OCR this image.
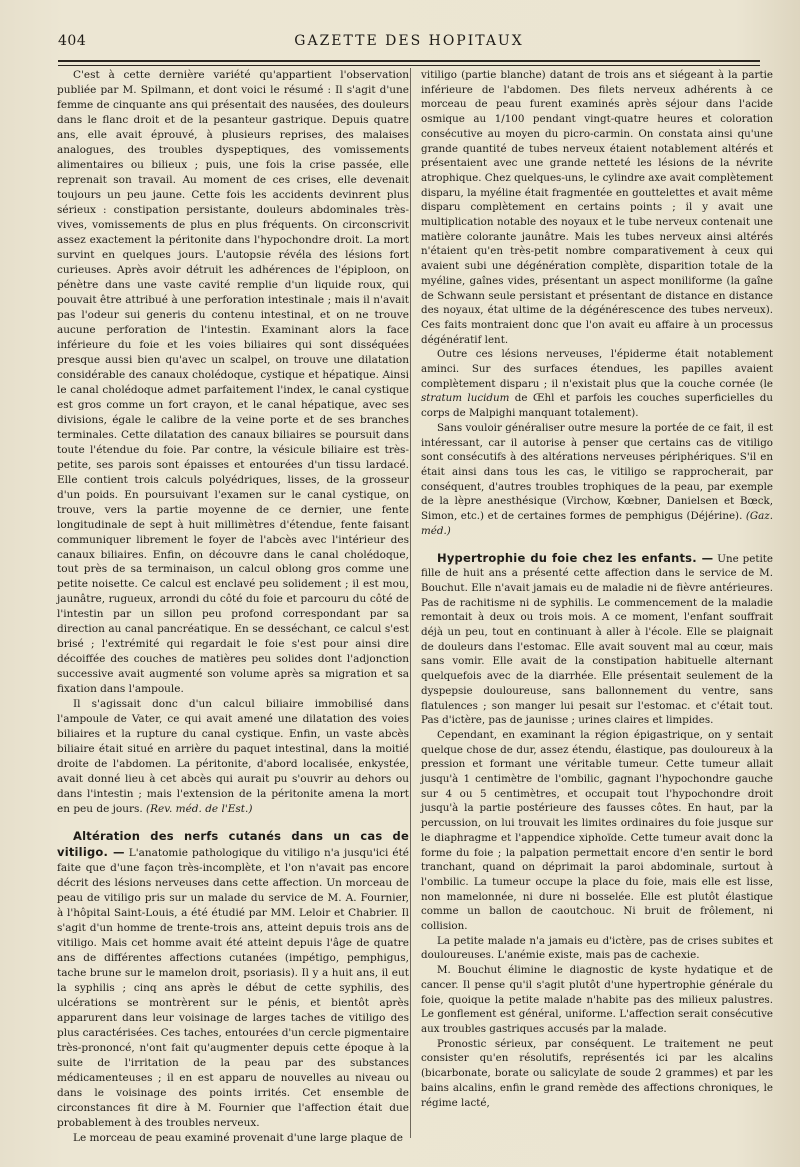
404	GAZETTE DES HOPITAUX

C'est à cette dernière variété qu'appartient l'observation publiée par M. Spilmann, et dont voici le résumé : Il s'agit d'une femme de cinquante ans qui présentait des nausées, des douleurs dans le flanc droit et de la pesanteur gastrique. Depuis quatre ans, elle avait éprouvé, à plusieurs reprises, des malaises analogues, des troubles dyspeptiques, des vomissements alimentaires ou bilieux ; puis, une fois la crise passée, elle reprenait son travail. Au moment de ces crises, elle devenait toujours un peu jaune. Cette fois les accidents devinrent plus sérieux : constipation persistante, douleurs abdominales très-vives, vomissements de plus en plus fréquents. On circonscrivit assez exactement la péritonite dans l'hypochondre droit. La mort survint en quelques jours. L'autopsie révéla des lésions fort curieuses. Après avoir détruit les adhérences de l'épiploon, on pénètre dans une vaste cavité remplie d'un liquide roux, qui pouvait être attribué à une perforation intestinale ; mais il n'avait pas l'odeur sui generis du contenu intestinal, et on ne trouve aucune perforation de l'intestin. Examinant alors la face inférieure du foie et les voies biliaires qui sont disséquées presque aussi bien qu'avec un scalpel, on trouve une dilatation considérable des canaux cholédoque, cystique et hépatique. Ainsi le canal cholédoque admet parfaitement l'index, le canal cystique est gros comme un fort crayon, et le canal hépatique, avec ses divisions, égale le calibre de la veine porte et de ses branches terminales. Cette dilatation des canaux biliaires se poursuit dans toute l'étendue du foie. Par contre, la vésicule biliaire est très-petite, ses parois sont épaisses et entourées d'un tissu lardacé. Elle contient trois calculs polyédriques, lisses, de la grosseur d'un poids. En poursuivant l'examen sur le canal cystique, on trouve, vers la partie moyenne de ce dernier, une fente longitudinale de sept à huit millimètres d'étendue, fente faisant communiquer librement le foyer de l'abcès avec l'intérieur des canaux biliaires. Enfin, on découvre dans le canal cholédoque, tout près de sa terminaison, un calcul oblong gros comme une petite noisette. Ce calcul est enclavé peu solidement ; il est mou, jaunâtre, rugueux, arrondi du côté du foie et parcouru du côté de l'intestin par un sillon peu profond correspondant par sa direction au canal pancréatique. En se desséchant, ce calcul s'est brisé ; l'extrémité qui regardait le foie s'est pour ainsi dire décoiffée des couches de matières peu solides dont l'adjonction successive avait augmenté son volume après sa migration et sa fixation dans l'ampoule.

Il s'agissait donc d'un calcul biliaire immobilisé dans l'ampoule de Vater, ce qui avait amené une dilatation des voies biliaires et la rupture du canal cystique. Enfin, un vaste abcès biliaire était situé en arrière du paquet intestinal, dans la moitié droite de l'abdomen. La péritonite, d'abord localisée, enkystée, avait donné lieu à cet abcès qui aurait pu s'ouvrir au dehors ou dans l'intestin ; mais l'extension de la péritonite amena la mort en peu de jours. (Rev. méd. de l'Est.)

Altération des nerfs cutanés dans un cas de vitiligo. — L'anatomie pathologique du vitiligo n'a jusqu'ici été faite que d'une façon très-incomplète, et l'on n'avait pas encore décrit des lésions nerveuses dans cette affection. Un morceau de peau de vitiligo pris sur un malade du service de M. A. Fournier, à l'hôpital Saint-Louis, a été étudié par MM. Leloir et Chabrier. Il s'agit d'un homme de trente-trois ans, atteint depuis trois ans de vitiligo. Mais cet homme avait été atteint depuis l'âge de quatre ans de différentes affections cutanées (impétigo, pemphigus, tache brune sur le mamelon droit, psoriasis). Il y a huit ans, il eut la syphilis ; cinq ans après le début de cette syphilis, des ulcérations se montrèrent sur le pénis, et bientôt après apparurent dans leur voisinage de larges taches de vitiligo des plus caractérisées. Ces taches, entourées d'un cercle pigmentaire très-prononcé, n'ont fait qu'augmenter depuis cette époque à la suite de l'irritation de la peau par des substances médicamenteuses ; il en est apparu de nouvelles au niveau ou dans le voisinage des points irrités. Cet ensemble de circonstances fit dire à M. Fournier que l'affection était due probablement à des troubles nerveux.

Le morceau de peau examiné provenait d'une large plaque de

vitiligo (partie blanche) datant de trois ans et siégeant à la partie inférieure de l'abdomen. Des filets nerveux adhérents à ce morceau de peau furent examinés après séjour dans l'acide osmique au 1/100 pendant vingt-quatre heures et coloration consécutive au moyen du picro-carmin. On constata ainsi qu'une grande quantité de tubes nerveux étaient notablement altérés et présentaient avec une grande netteté les lésions de la névrite atrophique. Chez quelques-uns, le cylindre axe avait complètement disparu, la myéline était fragmentée en gouttelettes et avait même disparu complètement en certains points ; il y avait une multiplication notable des noyaux et le tube nerveux contenait une matière colorante jaunâtre. Mais les tubes nerveux ainsi altérés n'étaient qu'en très-petit nombre comparativement à ceux qui avaient subi une dégénération complète, disparition totale de la myéline, gaînes vides, présentant un aspect moniliforme (la gaîne de Schwann seule persistant et présentant de distance en distance des noyaux, état ultime de la dégénérescence des tubes nerveux). Ces faits montraient donc que l'on avait eu affaire à un processus dégénératif lent.

Outre ces lésions nerveuses, l'épiderme était notablement aminci. Sur des surfaces étendues, les papilles avaient complètement disparu ; il n'existait plus que la couche cornée (le stratum lucidum de Œhl et parfois les couches superficielles du corps de Malpighi manquant totalement).

Sans vouloir généraliser outre mesure la portée de ce fait, il est intéressant, car il autorise à penser que certains cas de vitiligo sont consécutifs à des altérations nerveuses périphériques. S'il en était ainsi dans tous les cas, le vitiligo se rapprocherait, par conséquent, d'autres troubles trophiques de la peau, par exemple de la lèpre anesthésique (Virchow, Kœbner, Danielsen et Bœck, Simon, etc.) et de certaines formes de pemphigus (Déjérine). (Gaz. méd.)

Hypertrophie du foie chez les enfants. — Une petite fille de huit ans a présenté cette affection dans le service de M. Bouchut. Elle n'avait jamais eu de maladie ni de fièvre antérieures. Pas de rachitisme ni de syphilis. Le commencement de la maladie remontait à deux ou trois mois. A ce moment, l'enfant souffrait déjà un peu, tout en continuant à aller à l'école. Elle se plaignait de douleurs dans l'estomac. Elle avait souvent mal au cœur, mais sans vomir. Elle avait de la constipation habituelle alternant quelquefois avec de la diarrhée. Elle présentait seulement de la dyspepsie douloureuse, sans ballonnement du ventre, sans flatulences ; son manger lui pesait sur l'estomac. et c'était tout. Pas d'ictère, pas de jaunisse ; urines claires et limpides.

Cependant, en examinant la région épigastrique, on y sentait quelque chose de dur, assez étendu, élastique, pas douloureux à la pression et formant une véritable tumeur. Cette tumeur allait jusqu'à 1 centimètre de l'ombilic, gagnant l'hypochondre gauche sur 4 ou 5 centimètres, et occupait tout l'hypochondre droit jusqu'à la partie postérieure des fausses côtes. En haut, par la percussion, on lui trouvait les limites ordinaires du foie jusque sur le diaphragme et l'appendice xiphoïde. Cette tumeur avait donc la forme du foie ; la palpation permettait encore d'en sentir le bord tranchant, quand on déprimait la paroi abdominale, surtout à l'ombilic. La tumeur occupe la place du foie, mais elle est lisse, non mamelonnée, ni dure ni bosselée. Elle est plutôt élastique comme un ballon de caoutchouc. Ni bruit de frôlement, ni collision.

La petite malade n'a jamais eu d'ictère, pas de crises subites et douloureuses. L'anémie existe, mais pas de cachexie.

M. Bouchut élimine le diagnostic de kyste hydatique et de cancer. Il pense qu'il s'agit plutôt d'une hypertrophie générale du foie, quoique la petite malade n'habite pas des milieux palustres. Le gonflement est général, uniforme. L'affection serait consécutive aux troubles gastriques accusés par la malade.

Pronostic sérieux, par conséquent. Le traitement ne peut consister qu'en résolutifs, représentés ici par les alcalins (bicarbonate, borate ou salicylate de soude 2 grammes) et par les bains alcalins, enfin le grand remède des affections chroniques, le régime lacté,
